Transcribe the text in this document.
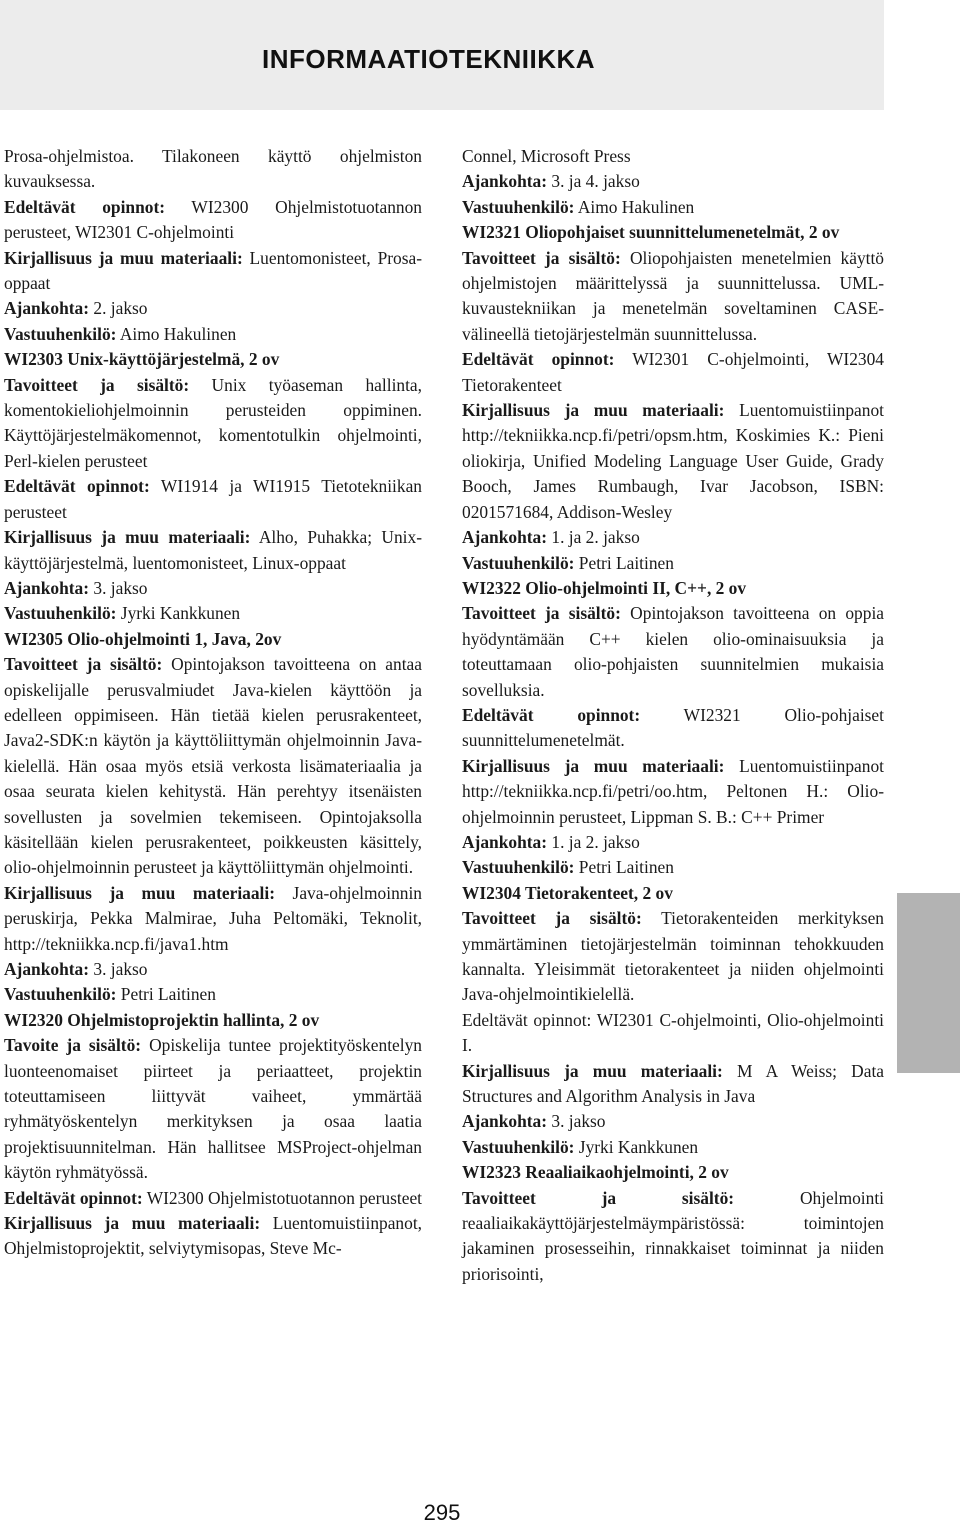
INFORMAATIOTEKNIIKKA
Prosa-ohjelmistoa. Tilakoneen käyttö ohjelmiston kuvauksessa.
Edeltävät opinnot: WI2300 Ohjelmistotuotannon perusteet, WI2301 C-ohjelmointi
Kirjallisuus ja muu materiaali: Luentomonisteet, Prosa-oppaat
Ajankohta: 2. jakso
Vastuuhenkilö: Aimo Hakulinen
WI2303 Unix-käyttöjärjestelmä, 2 ov
Tavoitteet ja sisältö: Unix työaseman hallinta, komentokieliohjelmoinnin perusteiden oppiminen. Käyttöjärjestelmäkomennot, komentotulkin ohjelmointi, Perl-kielen perusteet
Edeltävät opinnot: WI1914 ja WI1915 Tietotekniikan perusteet
Kirjallisuus ja muu materiaali: Alho, Puhakka; Unix-käyttöjärjestelmä, luentomonisteet, Linux-oppaat
Ajankohta: 3. jakso
Vastuuhenkilö: Jyrki Kankkunen
WI2305 Olio-ohjelmointi 1, Java, 2ov
Tavoitteet ja sisältö: Opintojakson tavoitteena on antaa opiskelijalle perusvalmiudet Java-kielen käyttöön ja edelleen oppimiseen. Hän tietää kielen perusrakenteet, Java2-SDK:n käytön ja käyttöliittymän ohjelmoinnin Java-kielellä. Hän osaa myös etsiä verkosta lisämateriaalia ja osaa seurata kielen kehitystä. Hän perehtyy itsenäisten sovellusten ja sovelmien tekemiseen. Opintojaksolla käsitellään kielen perusrakenteet, poikkeusten käsittely, olio-ohjelmoinnin perusteet ja käyttöliittymän ohjelmointi.
Kirjallisuus ja muu materiaali: Java-ohjelmoinnin peruskirja, Pekka Malmirae, Juha Peltomäki, Teknolit, http://tekniikka.ncp.fi/java1.htm
Ajankohta: 3. jakso
Vastuuhenkilö: Petri Laitinen
WI2320 Ohjelmistoprojektin hallinta, 2 ov
Tavoite ja sisältö: Opiskelija tuntee projektityöskentelyn luonteenomaiset piirteet ja periaatteet, projektin toteuttamiseen liittyvät vaiheet, ymmärtää ryhmätyöskentelyn merkityksen ja osaa laatia projektisuunnitelman. Hän hallitsee MSProject-ohjelman käytön ryhmätyössä.
Edeltävät opinnot: WI2300 Ohjelmistotuotannon perusteet
Kirjallisuus ja muu materiaali: Luentomuistiinpanot, Ohjelmistoprojektit, selviytymisopas, Steve Mc-
Connel, Microsoft Press
Ajankohta: 3. ja 4. jakso
Vastuuhenkilö: Aimo Hakulinen
WI2321 Oliopohjaiset suunnittelumenetelmät, 2 ov
Tavoitteet ja sisältö: Oliopohjaisten menetelmien käyttö ohjelmistojen määrittelyssä ja suunnittelussa. UML-kuvaustekniikan ja menetelmän soveltaminen CASE-välineellä tietojärjestelmän suunnittelussa.
Edeltävät opinnot: WI2301 C-ohjelmointi, WI2304 Tietorakenteet
Kirjallisuus ja muu materiaali: Luentomuistiinpanot http://tekniikka.ncp.fi/petri/opsm.htm, Koskimies K.: Pieni oliokirja, Unified Modeling Language User Guide, Grady Booch, James Rumbaugh, Ivar Jacobson, ISBN: 0201571684, Addison-Wesley
Ajankohta: 1. ja 2. jakso
Vastuuhenkilö: Petri Laitinen
WI2322 Olio-ohjelmointi II, C++, 2 ov
Tavoitteet ja sisältö: Opintojakson tavoitteena on oppia hyödyntämään C++ kielen olio-ominaisuuksia ja toteuttamaan olio-pohjaisten suunnitelmien mukaisia sovelluksia.
Edeltävät opinnot: WI2321 Olio-pohjaiset suunnittelumenetelmät.
Kirjallisuus ja muu materiaali: Luentomuistiinpanot http://tekniikka.ncp.fi/petri/oo.htm, Peltonen H.: Olio-ohjelmoinnin perusteet, Lippman S. B.: C++ Primer
Ajankohta: 1. ja 2. jakso
Vastuuhenkilö: Petri Laitinen
WI2304 Tietorakenteet, 2 ov
Tavoitteet ja sisältö: Tietorakenteiden merkityksen ymmärtäminen tietojärjestelmän toiminnan tehokkuuden kannalta. Yleisimmät tietorakenteet ja niiden ohjelmointi Java-ohjelmointikielellä.
Edeltävät opinnot: WI2301 C-ohjelmointi, Olio-ohjelmointi I.
Kirjallisuus ja muu materiaali: M A Weiss; Data Structures and Algorithm Analysis in Java
Ajankohta: 3. jakso
Vastuuhenkilö: Jyrki Kankkunen
WI2323 Reaaliaikaohjelmointi, 2 ov
Tavoitteet ja sisältö: Ohjelmointi reaaliaikakäyttöjärjestelmäympäristössä: toimintojen jakaminen prosesseihin, rinnakkaiset toiminnat ja niiden priorisointi,
295
